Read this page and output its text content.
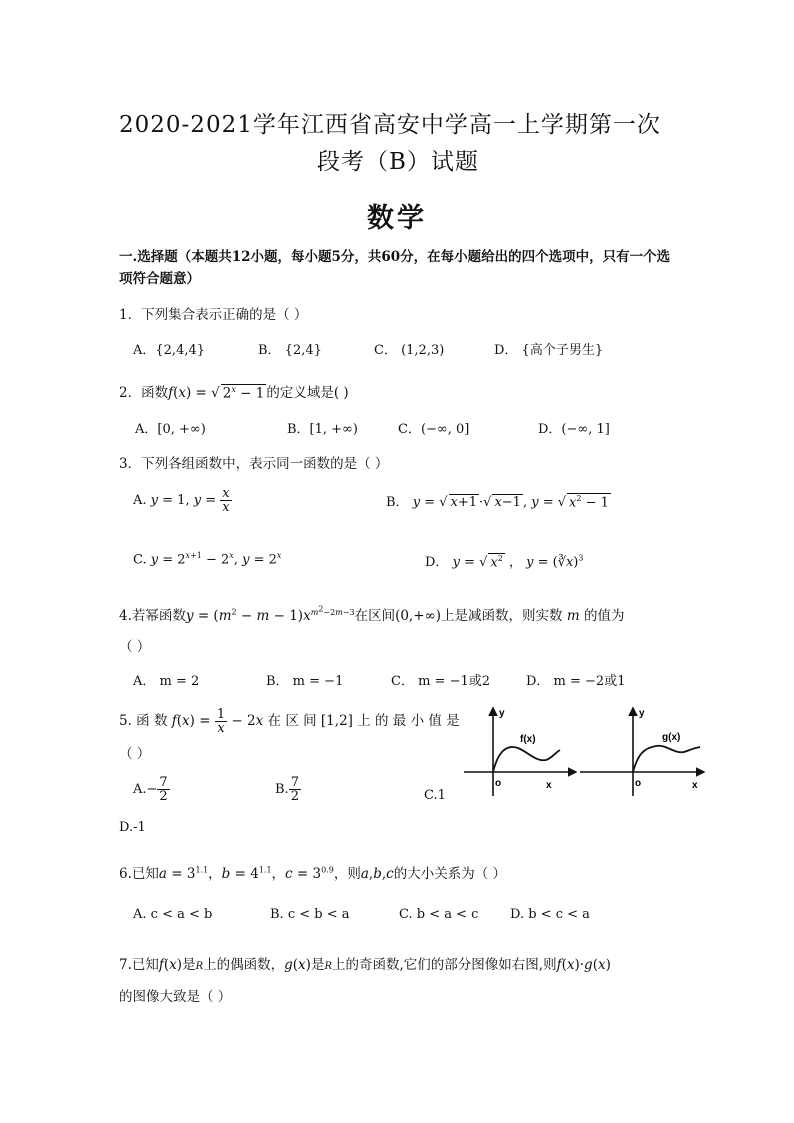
2020-2021学年江西省高安中学高一上学期第一次
段考（B）试题
数学
一.选择题（本题共12小题，每小题5分，共60分，在每小题给出的四个选项中，只有一个选项符合题意）
1．下列集合表示正确的是（ ）
A．{2,4,4}	B． {2,4}	C． (1,2,3)	D． {高个子男生}
2．函数f(x) = √ $2^x - 1$ 的定义域是( )
A．[0, +∞)	B．[1, +∞)	C．(−∞, 0]	D．(−∞, 1]
3．下列各组函数中，表示同一函数的是（ ）
A. y = 1, $y = \frac{x}{x}$	B． y = √ x+1 ·√ x−1 , y = √ $x^2 - 1$
C. $y = 2^{x+1} - 2^x$, $y = 2^x$	D． y = √ $x^2$ ， y = (∛x)$^3$
4.若幂函数$y = (m^2 - m - 1)x^{m^2-2m-3}$在区间(0,+∞)上是减函数，则实数 m 的值为
（ ）
A． m = 2	B． m = −1	C． m = −1或2	D． m = −2或1
5. 函 数 $f(x) = \frac{1}{x} - 2x$ 在 区 间 [1,2] 上 的 最 小 值 是
（ ）
$A.- \frac{7}{2}$	B. $\frac{7}{2}$	C.1
D.-1
f(x)
y
x
o
g(x)
y
x
o
6.已知$a = 3^{1.1}$，$b = 4^{1.1}$，$c = 3^{0.9}$，则a,b,c的大小关系为（ ）
A. c < a < b	B. c < b < a	C. b < a < c D. b < c < a
7.已知f(x)是R上的偶函数，g(x)是R上的奇函数,它们的部分图像如右图,则f(x)·g(x)
的图像大致是（ ）
